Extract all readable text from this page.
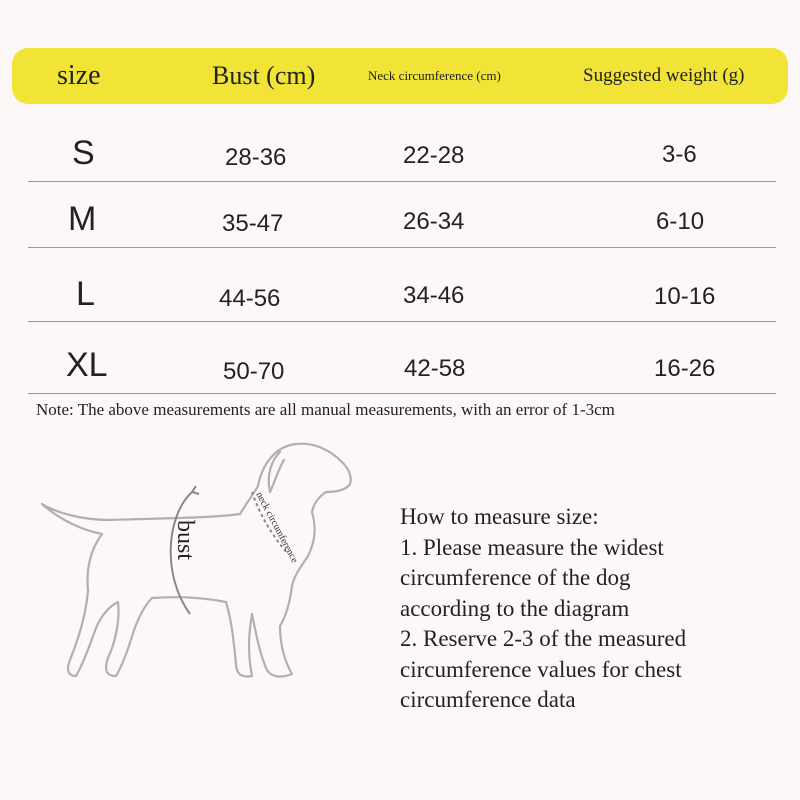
size	Bust (cm)	Neck circumference (cm)	Suggested weight (g)
S	28-36	22-28	3-6
M	35-47	26-34	6-10
L	44-56	34-46	10-16
XL	50-70	42-58	16-26
Note: The above measurements are all manual measurements, with an error of 1-3cm
bust	neck circumference	How to measure size:
1. Please measure the widest
circumference of the dog
according to the diagram
2. Reserve 2-3 of the measured
circumference values for chest
circumference data
